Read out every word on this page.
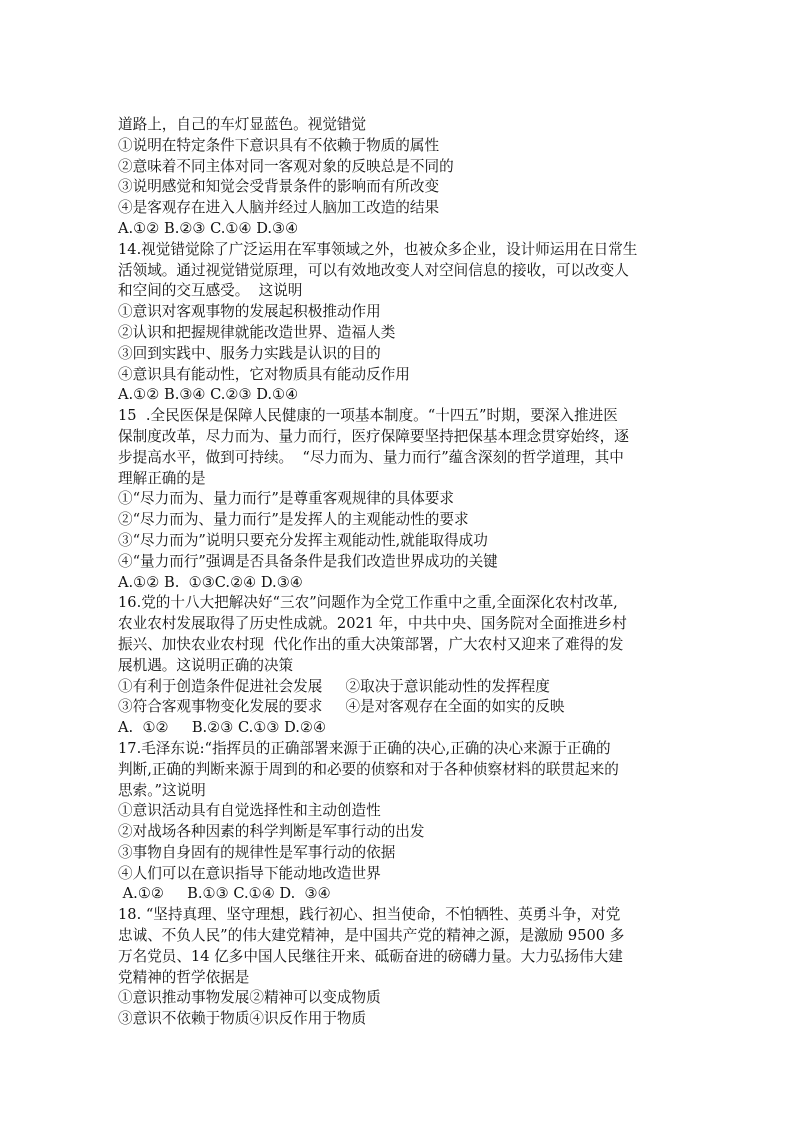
道路上，自己的车灯显蓝色。视觉错觉
①说明在特定条件下意识具有不依赖于物质的属性
②意味着不同主体对同一客观对象的反映总是不同的
③说明感觉和知觉会受背景条件的影响而有所改变
④是客观存在进入人脑并经过人脑加工改造的结果
A.①② B.②③ C.①④ D.③④
14.视觉错觉除了广泛运用在军事领域之外，也被众多企业，设计师运用在日常生
活领域。通过视觉错觉原理，可以有效地改变人对空间信息的接收，可以改变人
和空间的交互感受。  这说明
①意识对客观事物的发展起积极推动作用
②认识和把握规律就能改造世界、造福人类
③回到实践中、服务力实践是认识的目的
④意识具有能动性，它对物质具有能动反作用
A.①② B.③④ C.②③ D.①④
15  .全民医保是保障人民健康的一项基本制度。“十四五”时期，要深入推进医
保制度改革，尽力而为、量力而行，医疗保障要坚持把保基本理念贯穿始终，逐
步提高水平，做到可持续。  “尽力而为、量力而行”蕴含深刻的哲学道理，其中
理解正确的是
①“尽力而为、量力而行”是尊重客观规律的具体要求
②“尽力而为、量力而行”是发挥人的主观能动性的要求
③“尽力而为”说明只要充分发挥主观能动性,就能取得成功
④“量力而行”强调是否具备条件是我们改造世界成功的关键
A.①② B.  ①③C.②④ D.③④
16.党的十八大把解决好“三农”问题作为全党工作重中之重,全面深化农村改革,
农业农村发展取得了历史性成就。2021 年，中共中央、国务院对全面推进乡村
振兴、加快农业农村现  代化作出的重大决策部署，广大农村又迎来了难得的发
展机遇。这说明正确的决策
①有利于创造条件促进社会发展     ②取决于意识能动性的发挥程度
③符合客观事物变化发展的要求     ④是对客观存在全面的如实的反映
A.  ①②     B.②③ C.①③ D.②④
17.毛泽东说:“指挥员的正确部署来源于正确的决心,正确的决心来源于正确的
判断,正确的判断来源于周到的和必要的侦察和对于各种侦察材料的联贯起来的
思索。”这说明
①意识活动具有自觉选择性和主动创造性
②对战场各种因素的科学判断是军事行动的出发
③事物自身固有的规律性是军事行动的依据
④人们可以在意识指导下能动地改造世界
A.①②     B.①③ C.①④ D.  ③④
18. “坚持真理、坚守理想，践行初心、担当使命，不怕牺牲、英勇斗争，对党
忠诚、不负人民”的伟大建党精神，是中国共产党的精神之源，是激励 9500 多
万名党员、14 亿多中国人民继往开来、砥砺奋进的磅礴力量。大力弘扬伟大建
党精神的哲学依据是
①意识推动事物发展②精神可以变成物质
③意识不依赖于物质④识反作用于物质
